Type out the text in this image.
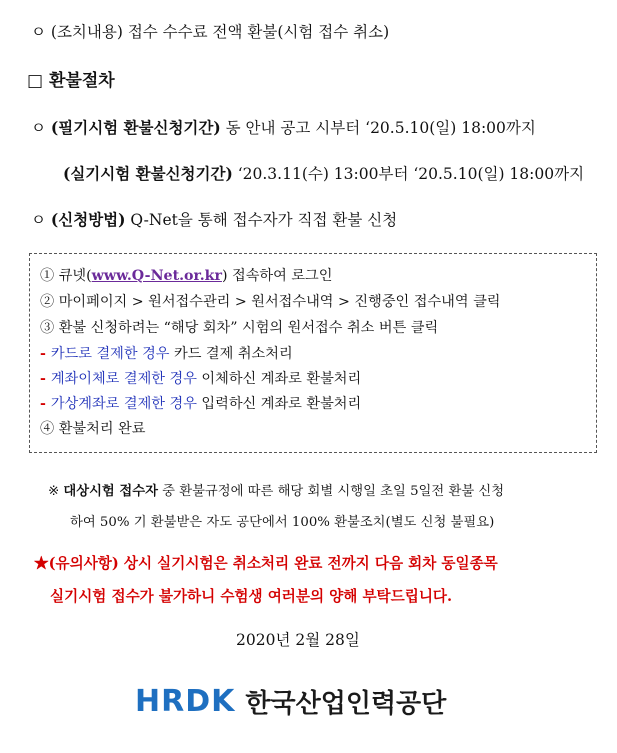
ㅇ (조치내용) 접수 수수료 전액 환불(시험 접수 취소)
□ 환불절차
ㅇ (필기시험 환불신청기간) 동 안내 공고 시부터 ‘20.5.10(일) 18:00까지
(실기시험 환불신청기간) ‘20.3.11(수) 13:00부터 ‘20.5.10(일) 18:00까지
ㅇ (신청방법) Q-Net을 통해 접수자가 직접 환불 신청
① 큐넷(www.Q-Net.or.kr) 접속하여 로그인
② 마이페이지 > 원서접수관리 > 원서접수내역 > 진행중인 접수내역 클릭
③ 환불 신청하려는 “해당 회차” 시험의 원서접수 취소 버튼 클릭
- 카드로 결제한 경우 카드 결제 취소처리
- 계좌이체로 결제한 경우 이체하신 계좌로 환불처리
- 가상계좌로 결제한 경우 입력하신 계좌로 환불처리
④ 환불처리 완료
※ 대상시험 접수자 중 환불규정에 따른 해당 회별 시행일 초일 5일전 환불 신청
하여 50% 기 환불받은 자도 공단에서 100% 환불조치(별도 신청 불필요)
★(유의사항) 상시 실기시험은 취소처리 완료 전까지 다음 회차 동일종목
실기시험 접수가 불가하니 수험생 여러분의 양해 부탁드립니다.
2020년 2월 28일
HRDK 한국산업인력공단
